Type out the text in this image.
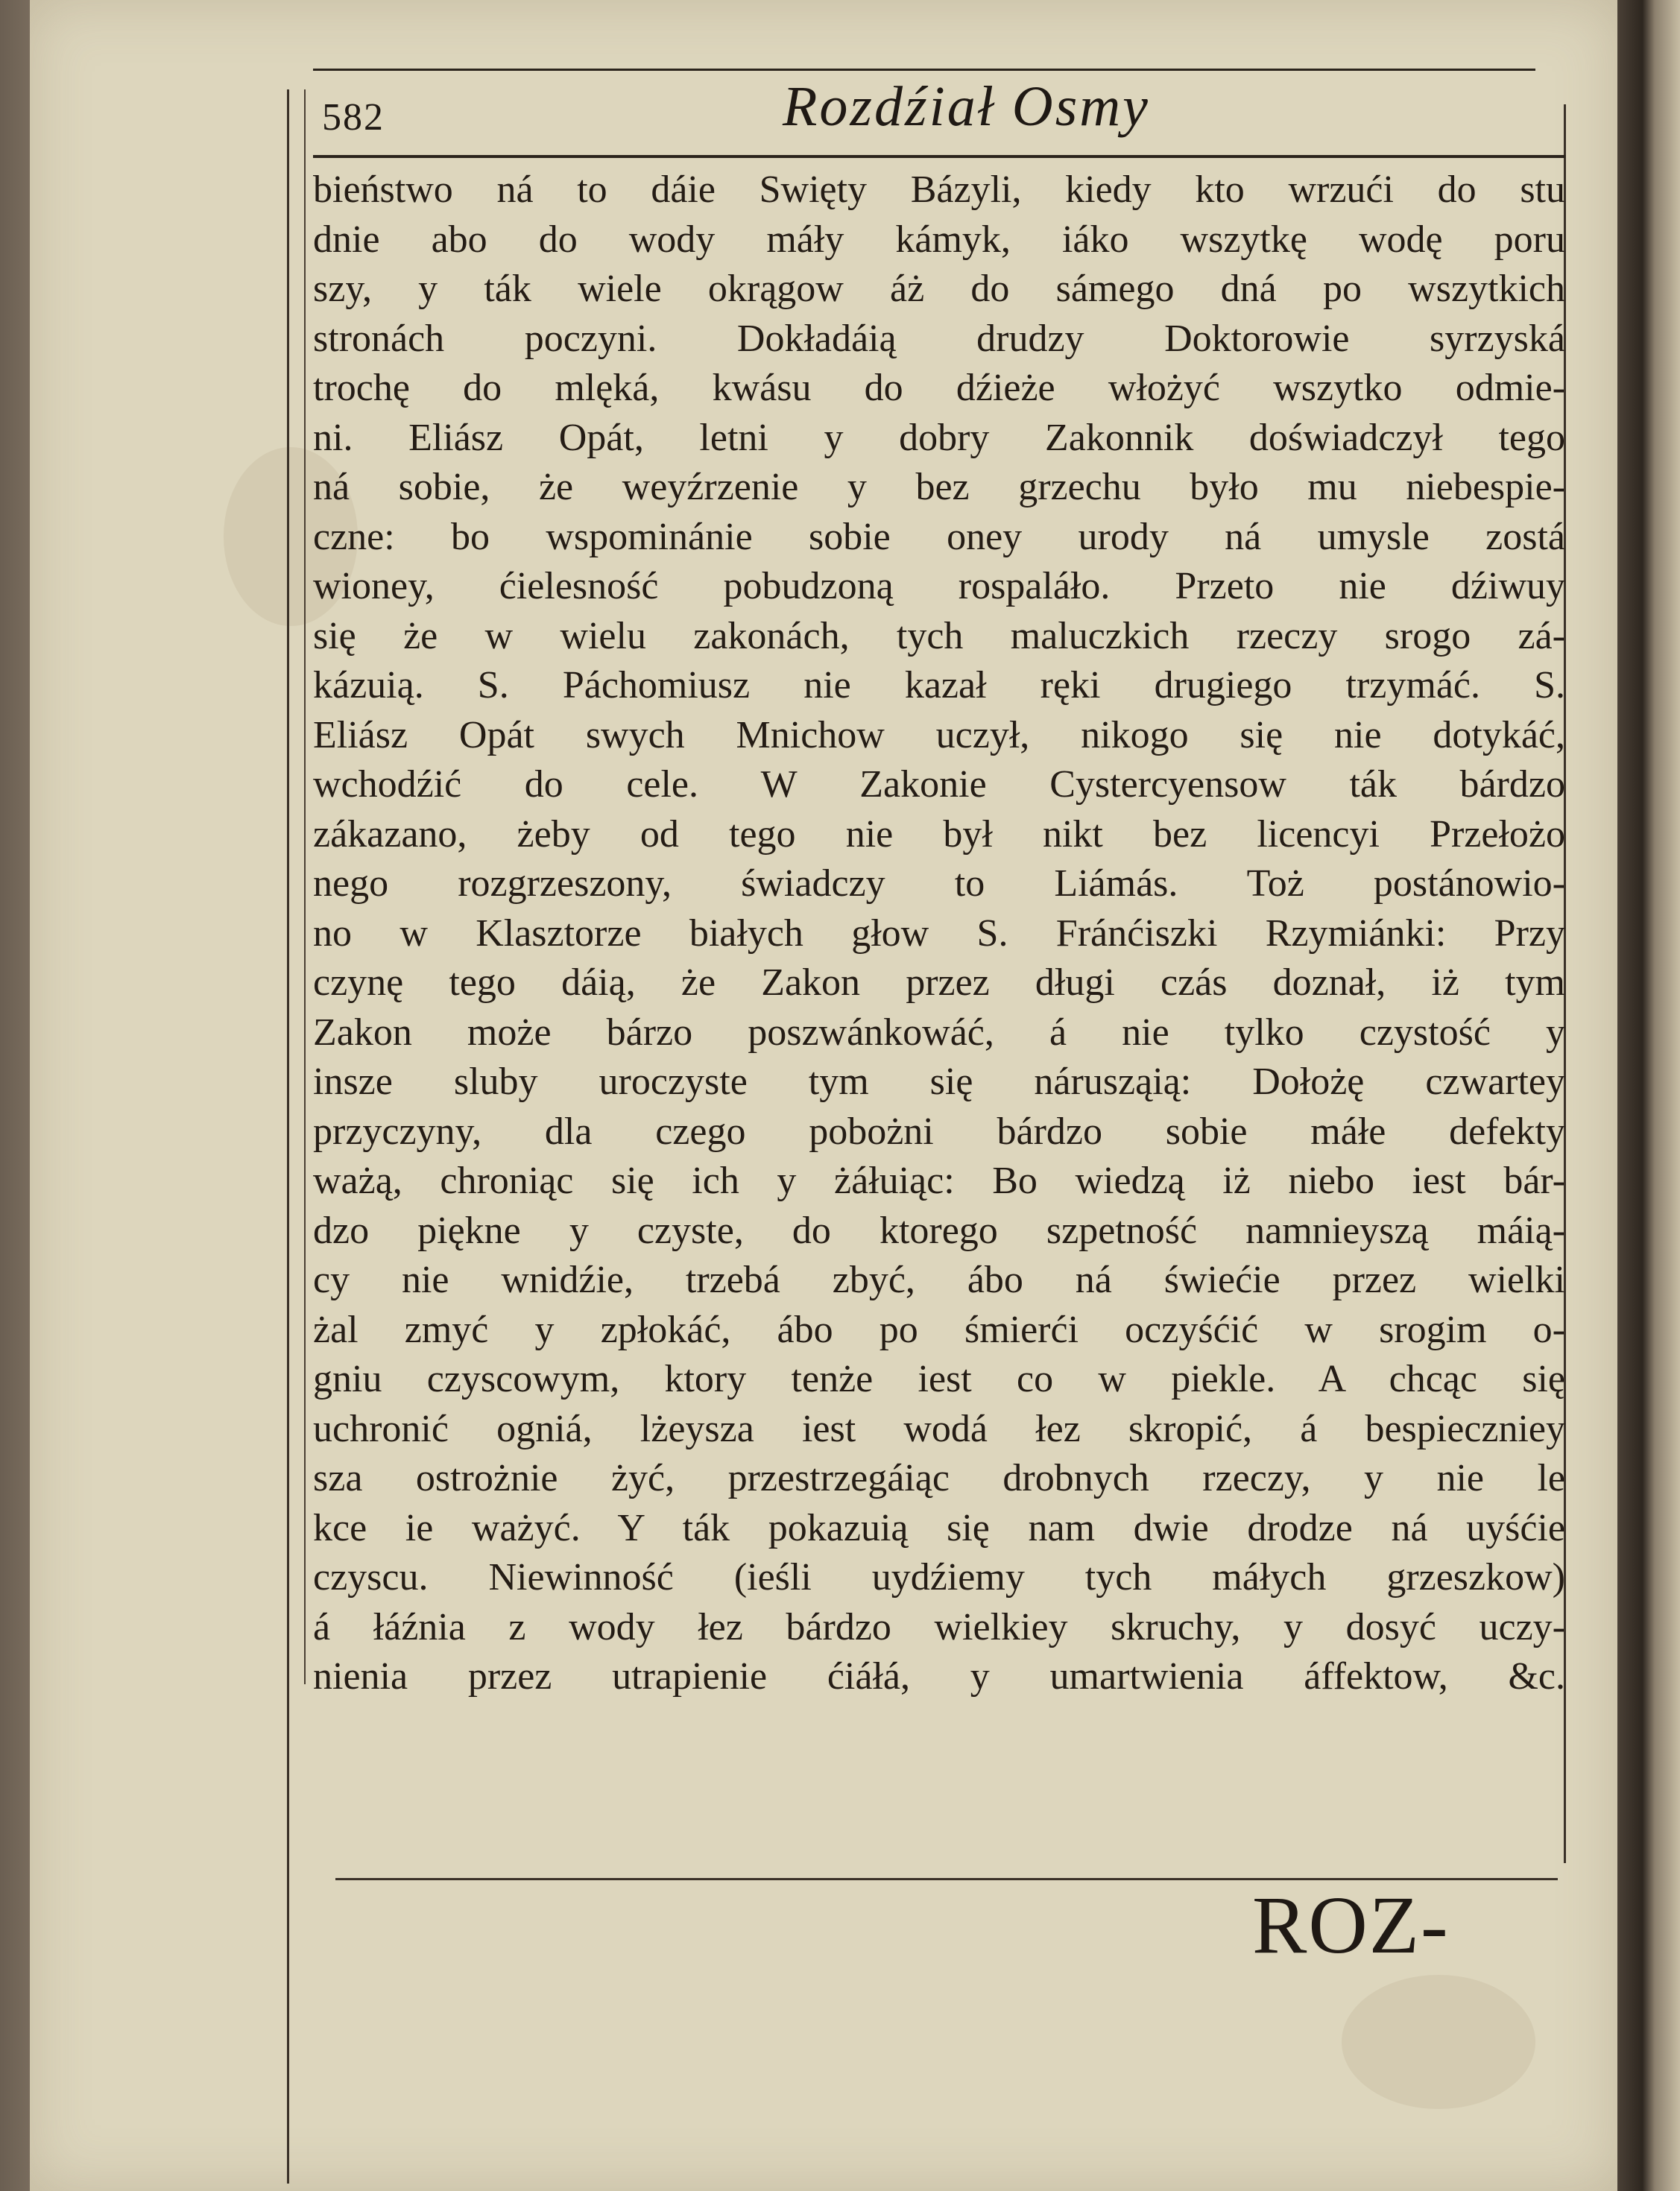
582	Rozdźiał Osmy
bieństwo ná to dáie Swięty Bázyli, kiedy kto wrzući do stu
dnie abo do wody máły kámyk, iáko wszytkę wodę poru
szy, y ták wiele okrągow áż do sámego dná po wszytkich
stronách poczyni. Dokładáią drudzy Doktorowie syrzyská
trochę do mlęká, kwásu do dźieże włożyć wszytko odmie-
ni. Eliász Opát, letni y dobry Zakonnik doświadczył tego
ná sobie, że weyźrzenie y bez grzechu było mu niebespie-
czne: bo wspominánie sobie oney urody ná umysle zostá
wioney, ćielesność pobudzoną rospaláło. Przeto nie dźiwuy
się że w wielu zakonách, tych maluczkich rzeczy srogo zá-
kázuią. S. Páchomiusz nie kazał ręki drugiego trzymáć. S.
Eliász Opát swych Mnichow uczył, nikogo się nie dotykáć,
wchodźić do cele. W Zakonie Cystercyensow ták bárdzo
zákazano, żeby od tego nie był nikt bez licencyi Przełożo
nego rozgrzeszony, świadczy to Liámás. Toż postánowio-
no w Klasztorze białych głow S. Fránćiszki Rzymiánki: Przy
czynę tego dáią, że Zakon przez długi czás doznał, iż tym
Zakon może bárzo poszwánkowáć, á nie tylko czystość y
insze sluby uroczyste tym się nárusząią: Dołożę czwartey
przyczyny, dla czego pobożni bárdzo sobie máłe defekty
ważą, chroniąc się ich y żáłuiąc: Bo wiedzą iż niebo iest bár-
dzo piękne y czyste, do ktorego szpetność namnieyszą máią-
cy nie wnidźie, trzebá zbyć, ábo ná świećie przez wielki
żal zmyć y zpłokáć, ábo po śmierći oczyśćić w srogim o-
gniu czyscowym, ktory tenże iest co w piekle. A chcąc się
uchronić ogniá, lżeysza iest wodá łez skropić, á bespieczniey
sza ostrożnie żyć, przestrzegáiąc drobnych rzeczy, y nie le
kce ie ważyć. Y ták pokazuią się nam dwie drodze ná uyśćie
czyscu. Niewinność (ieśli uydźiemy tych máłych grzeszkow)
á łáźnia z wody łez bárdzo wielkiey skruchy, y dosyć uczy-
nienia przez utrapienie ćiáłá, y umartwienia áffektow, &c.
ROZ-
